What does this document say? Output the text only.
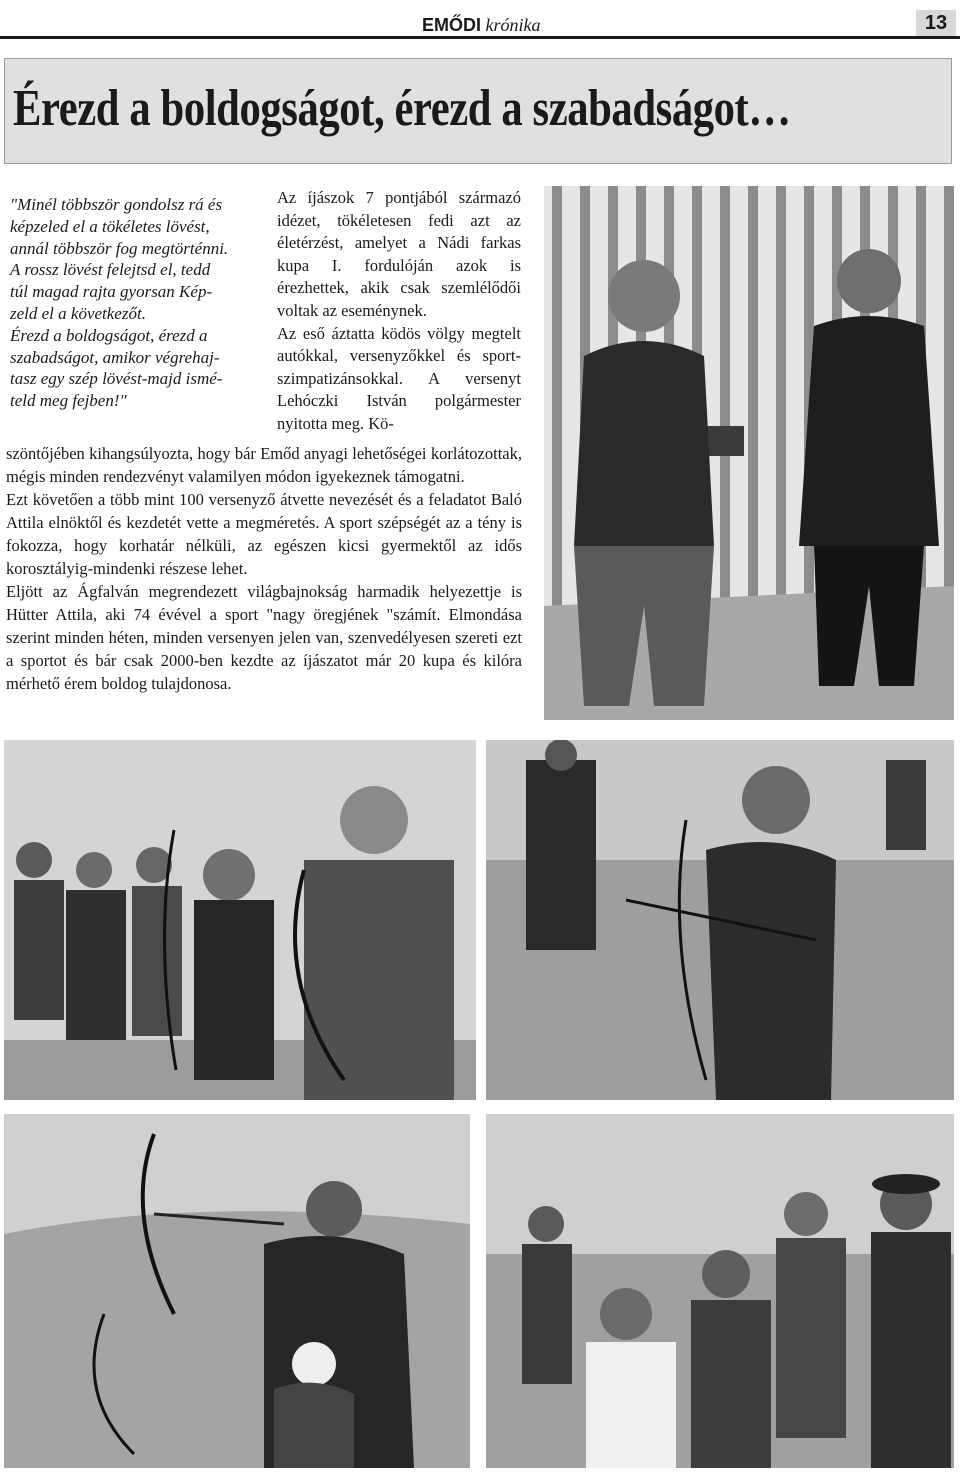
EMŐDI krónika	13
Érezd a boldogságot, érezd a szabadságot…
"Minél többször gondolsz rá és
képzeled el a tökéletes lövést,
annál többször fog megtörténni.
A rossz lövést felejtsd el, tedd
túl magad rajta gyorsan Kép-
zeld el a következőt.
Érezd a boldogságot, érezd a
szabadságot, amikor végrehaj-
tasz egy szép lövést-majd ismé-
teld meg fejben!"

Az íjászok 7 pontjából származó idézet, tökéletesen fedi azt az életérzést, amelyet a Nádi farkas kupa I. fordulóján azok is érezhettek, akik csak szemlélődői voltak az eseménynek.

Az eső áztatta ködös völgy megtelt autókkal, versenyzőkkel és sport- szimpatizánsokkal. A versenyt Lehóczki István polgármester nyitotta meg. Kö-

szöntőjében kihangsúlyozta, hogy bár Emőd anyagi lehetőségei korlátozottak, mégis minden rendezvényt valamilyen módon igyekeznek támogatni.

Ezt követően a több mint 100 versenyző átvette nevezését és a feladatot Baló Attila elnöktől és kezdetét vette a megméretés. A sport szépségét az a tény is fokozza, hogy korhatár nélküli, az egészen kicsi gyermektől az idős korosztályig-mindenki részese lehet.

Eljött az Ágfalván megrendezett világbajnokság harmadik helyezettje is Hütter Attila, aki 74 évével a sport "nagy öregjének "számít. Elmondása szerint minden héten, minden versenyen jelen van, szenvedélyesen szereti ezt a sportot és bár csak 2000-ben kezdte az íjászatot már 20 kupa és kilóra mérhető érem boldog tulajdonosa.
